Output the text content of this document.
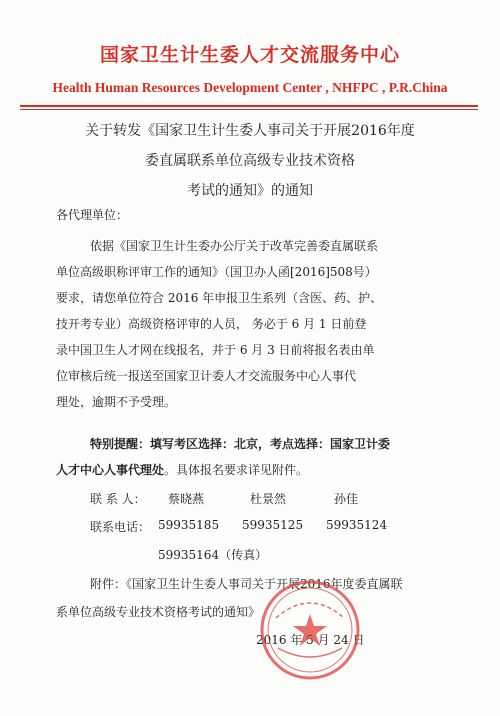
国家卫生计生委人才交流服务中心
Health Human Resources Development Center , NHFPC , P.R.China
关于转发《国家卫生计生委人事司关于开展2016年度
委直属联系单位高级专业技术资格
考试的通知》的通知
各代理单位：
依据《国家卫生计生委办公厅关于改革完善委直属联系
单位高级职称评审工作的通知》（国卫办人函[2016]508号）
要求，请您单位符合 2016 年申报卫生系列（含医、药、护、
技开考专业）高级资格评审的人员， 务必于 6 月 1 日前登
录中国卫生人才网在线报名，并于 6 月 3 日前将报名表由单
位审核后统一报送至国家卫计委人才交流服务中心人事代
理处，逾期不予受理。
特别提醒：填写考区选择：北京，考点选择：国家卫计委
人才中心人事代理处。具体报名要求详见附件。
联 系 人： 蔡晓燕	杜景然	孙佳
联系电话： 59935185 59935125 59935124
59935164（传真）
附件：《国家卫生计生委人事司关于开展2016年度委直属联
系单位高级专业技术资格考试的通知》
2016 年 5 月 24 日
